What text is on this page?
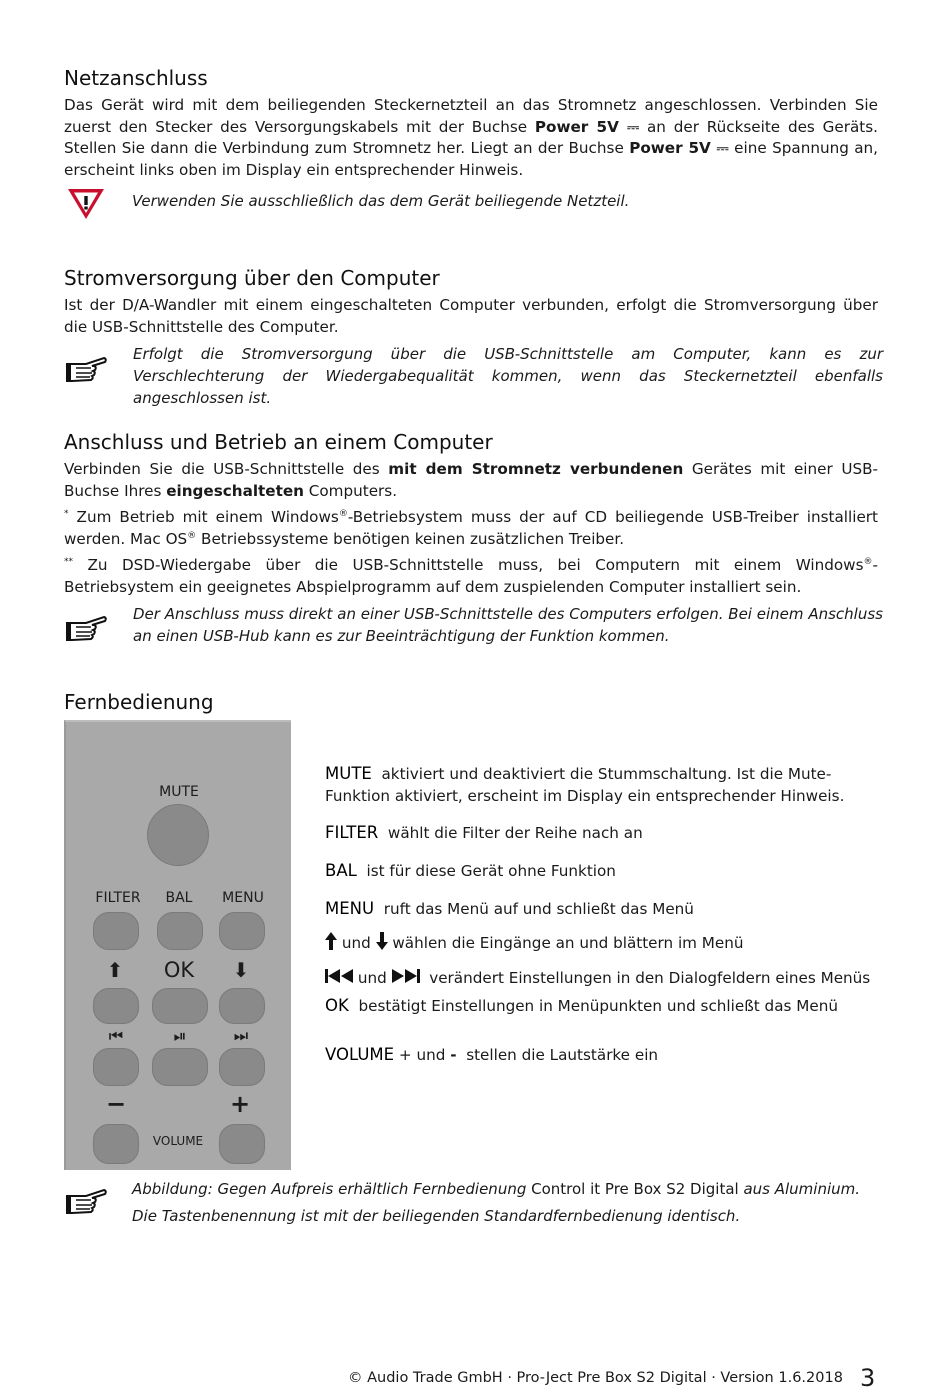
Netzanschluss

Das Gerät wird mit dem beiliegenden Steckernetzteil an das Stromnetz angeschlossen. Verbinden Sie zuerst den Stecker des Versorgungskabels mit der Buchse Power 5V ⎓ an der Rückseite des Geräts. Stellen Sie dann die Verbindung zum Stromnetz her. Liegt an der Buchse Power 5V ⎓ eine Spannung an, erscheint links oben im Display ein entsprechender Hinweis.

Verwenden Sie ausschließlich das dem Gerät beiliegende Netzteil.

Stromversorgung über den Computer

Ist der D/A-Wandler mit einem eingeschalteten Computer verbunden, erfolgt die Stromversorgung über die USB-Schnittstelle des Computer.

Erfolgt die Stromversorgung über die USB-Schnittstelle am Computer, kann es zur Verschlechterung der Wiedergabequalität kommen, wenn das Steckernetzteil ebenfalls angeschlossen ist.

Anschluss und Betrieb an einem Computer

Verbinden Sie die USB-Schnittstelle des mit dem Stromnetz verbundenen Gerätes mit einer USB-Buchse Ihres eingeschalteten Computers.

* Zum Betrieb mit einem Windows®-Betriebsystem muss der auf CD beiliegende USB-Treiber installiert werden. Mac OS® Betriebssysteme benötigen keinen zusätzlichen Treiber.

** Zu DSD-Wiedergabe über die USB-Schnittstelle muss, bei Computern mit einem Windows®-Betriebsystem ein geeignetes Abspielprogramm auf dem zuspielenden Computer installiert sein.

Der Anschluss muss direkt an einer USB-Schnittstelle des Computers erfolgen. Bei einem Anschluss an einen USB-Hub kann es zur Beeinträchtigung der Funktion kommen.

Fernbedienung
MUTE
FILTER	BAL	MENU
⬆	OK	⬇
⏮	⏯	⏭
−	+
VOLUME

MUTE aktiviert und deaktiviert die Stummschaltung. Ist die Mute-Funktion aktiviert, erscheint im Display ein entsprechender Hinweis.

FILTER wählt die Filter der Reihe nach an

BAL ist für diese Gerät ohne Funktion

MENU ruft das Menü auf und schließt das Menü

und wählen die Eingänge an und blättern im Menü

und	verändert Einstellungen in den Dialogfeldern eines Menüs

OK bestätigt Einstellungen in Menüpunkten und schließt das Menü

VOLUME + und - stellen die Lautstärke ein

Abbildung: Gegen Aufpreis erhältlich Fernbedienung Control it Pre Box S2 Digital aus Aluminium.
Die Tastenbenennung ist mit der beiliegenden Standardfernbedienung identisch.

© Audio Trade GmbH · Pro-Ject Pre Box S2 Digital · Version 1.6.2018 3
